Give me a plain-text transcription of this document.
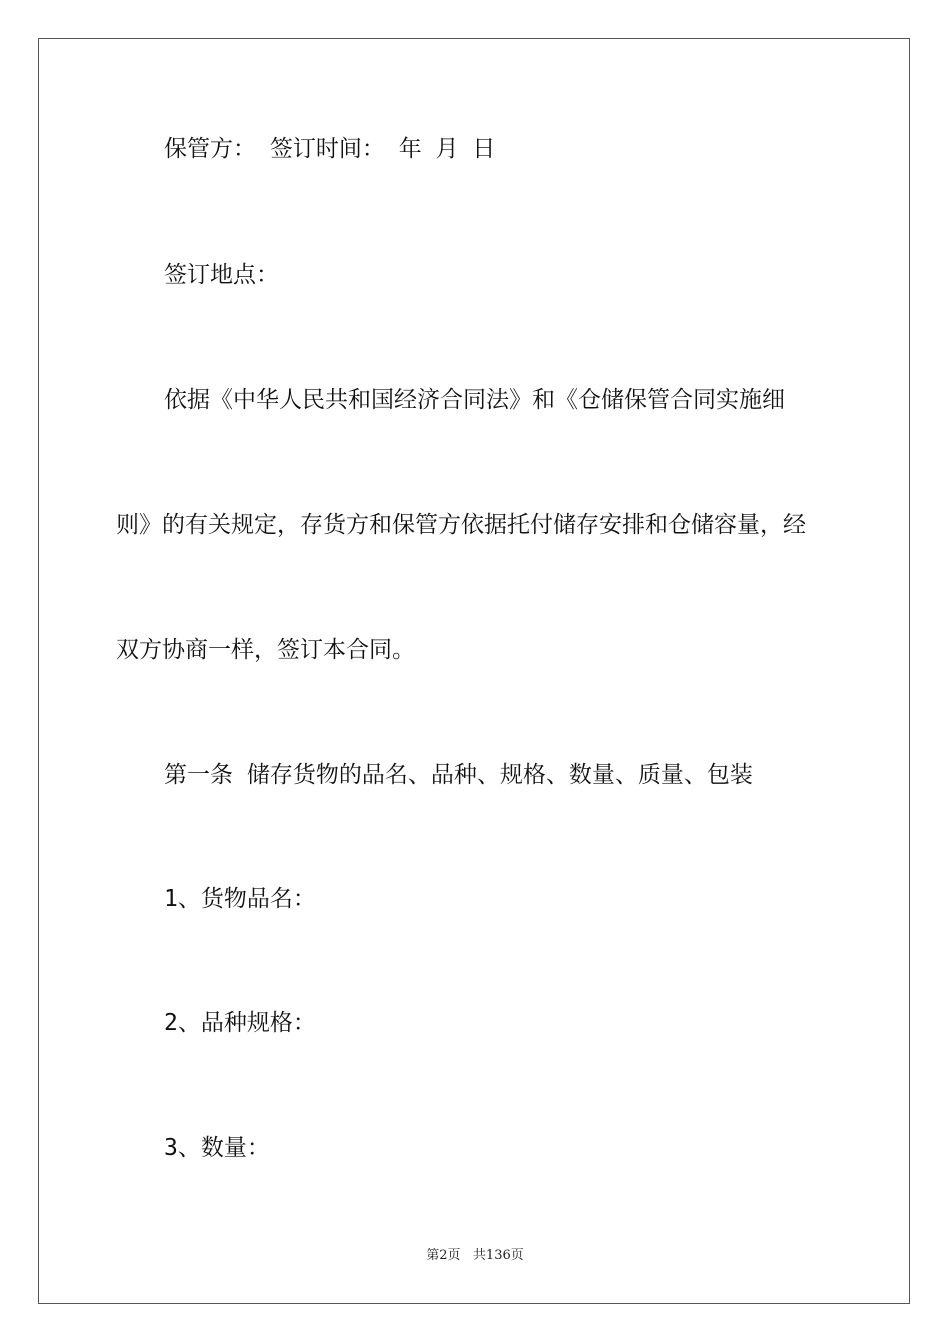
保管方： 签订时间： 年 月 日
签订地点：
依据《中华人民共和国经济合同法》和《仓储保管合同实施细
则》的有关规定，存货方和保管方依据托付储存安排和仓储容量，经
双方协商一样，签订本合同。
第一条 储存货物的品名、品种、规格、数量、质量、包装
1、货物品名：
2、品种规格：
3、数量：
第2页 共136页
